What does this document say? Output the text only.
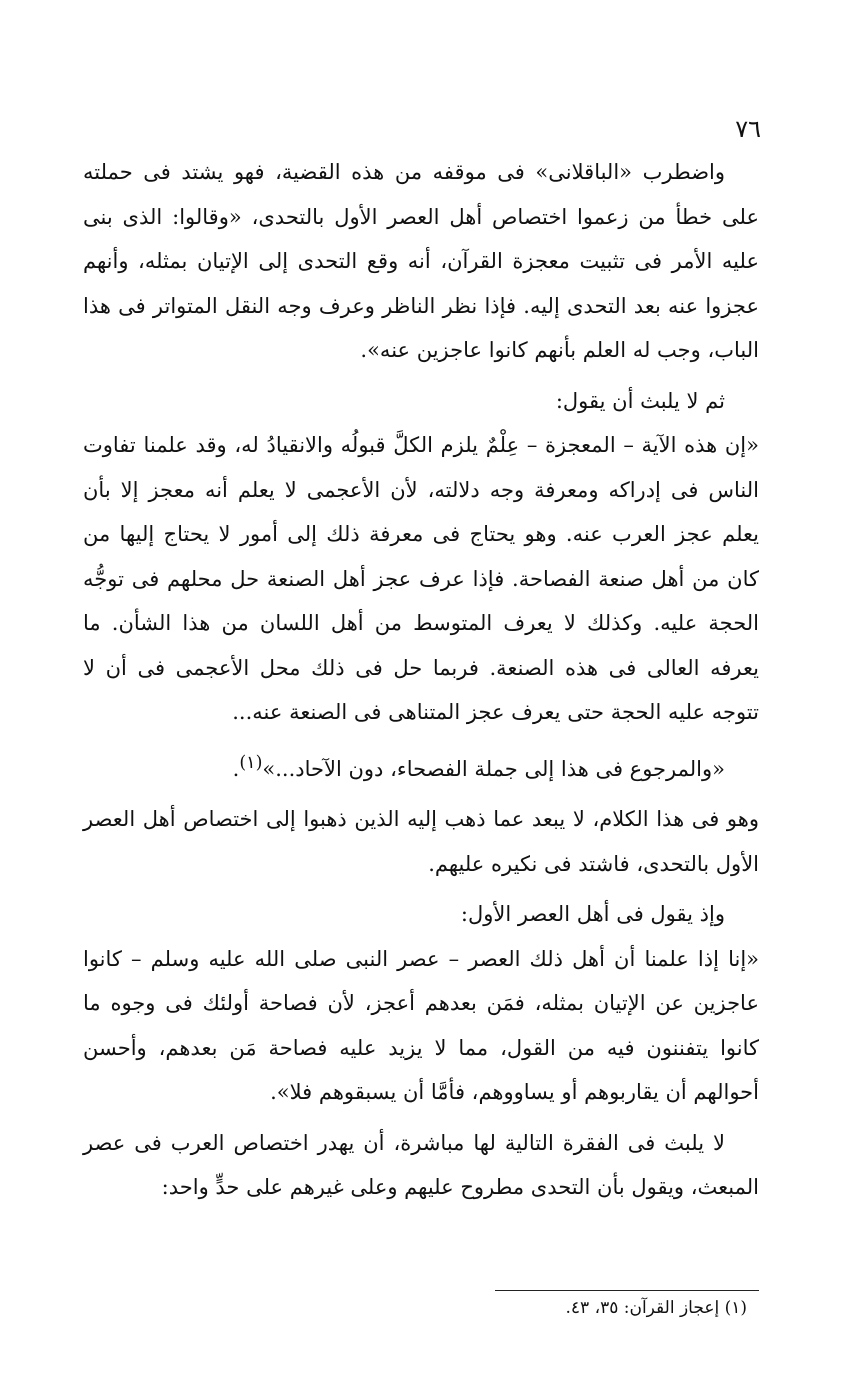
٧٦

واضطرب «الباقلانى» فى موقفه من هذه القضية، فهو يشتد فى حملته على خطأ من زعموا اختصاص أهل العصر الأول بالتحدى، «وقالوا: الذى بنى عليه الأمر فى تثبيت معجزة القرآن، أنه وقع التحدى إلى الإتيان بمثله، وأنهم عجزوا عنه بعد التحدى إليه. فإذا نظر الناظر وعرف وجه النقل المتواتر فى هذا الباب، وجب له العلم بأنهم كانوا عاجزين عنه».

ثم لا يلبث أن يقول:

«إن هذه الآية – المعجزة – عِلْمٌ يلزم الكلَّ قبولُه والانقيادُ له، وقد علمنا تفاوت الناس فى إدراكه ومعرفة وجه دلالته، لأن الأعجمى لا يعلم أنه معجز إلا بأن يعلم عجز العرب عنه. وهو يحتاج فى معرفة ذلك إلى أمور لا يحتاج إليها من كان من أهل صنعة الفصاحة. فإذا عرف عجز أهل الصنعة حل محلهم فى توجُّه الحجة عليه. وكذلك لا يعرف المتوسط من أهل اللسان من هذا الشأن. ما يعرفه العالى فى هذه الصنعة. فربما حل فى ذلك محل الأعجمى فى أن لا تتوجه عليه الحجة حتى يعرف عجز المتناهى فى الصنعة عنه...

«والمرجوع فى هذا إلى جملة الفصحاء، دون الآحاد...»$^{(١)}$.

وهو فى هذا الكلام، لا يبعد عما ذهب إليه الذين ذهبوا إلى اختصاص أهل العصر الأول بالتحدى، فاشتد فى نكيره عليهم.

وإذ يقول فى أهل العصر الأول:

«إنا إذا علمنا أن أهل ذلك العصر – عصر النبى صلى الله عليه وسلم – كانوا عاجزين عن الإتيان بمثله، فمَن بعدهم أعجز، لأن فصاحة أولئك فى وجوه ما كانوا يتفننون فيه من القول، مما لا يزيد عليه فصاحة مَن بعدهم، وأحسن أحوالهم أن يقاربوهم أو يساووهم، فأمَّا أن يسبقوهم فلا».

لا يلبث فى الفقرة التالية لها مباشرة، أن يهدر اختصاص العرب فى عصر المبعث، ويقول بأن التحدى مطروح عليهم وعلى غيرهم على حدٍّ واحد:

(١) إعجاز القرآن: ٣٥، ٤٣.
